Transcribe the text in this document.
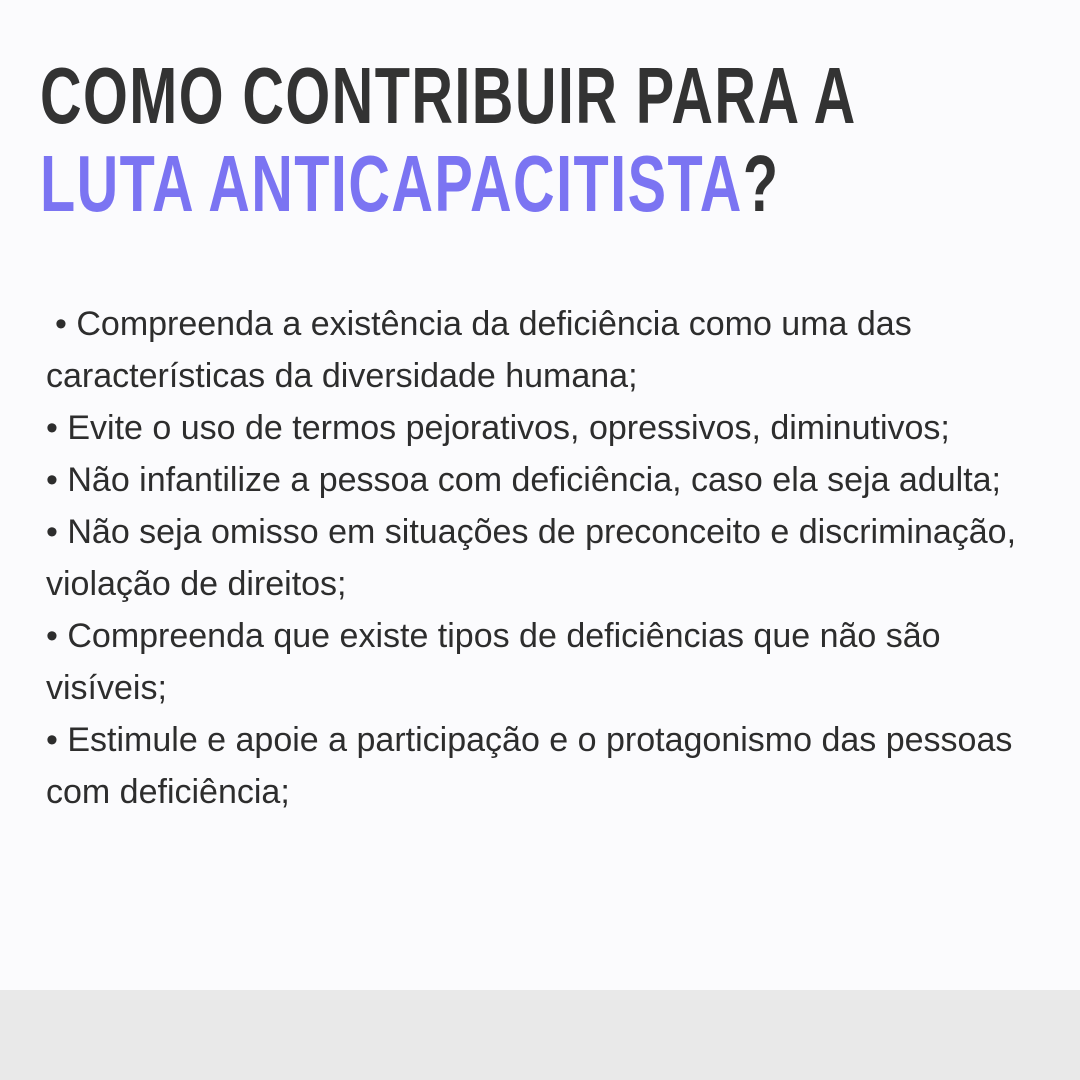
COMO CONTRIBUIR PARA A
LUTA ANTICAPACITISTA?
• Compreenda a existência da deficiência como uma das características da diversidade humana;
• Evite o uso de termos pejorativos, opressivos, diminutivos;
• Não infantilize a pessoa com deficiência, caso ela seja adulta;
• Não seja omisso em situações de preconceito e discriminação, violação de direitos;
• Compreenda que existe tipos de deficiências que não são visíveis;
• Estimule e apoie a participação e o protagonismo das pessoas com deficiência;
